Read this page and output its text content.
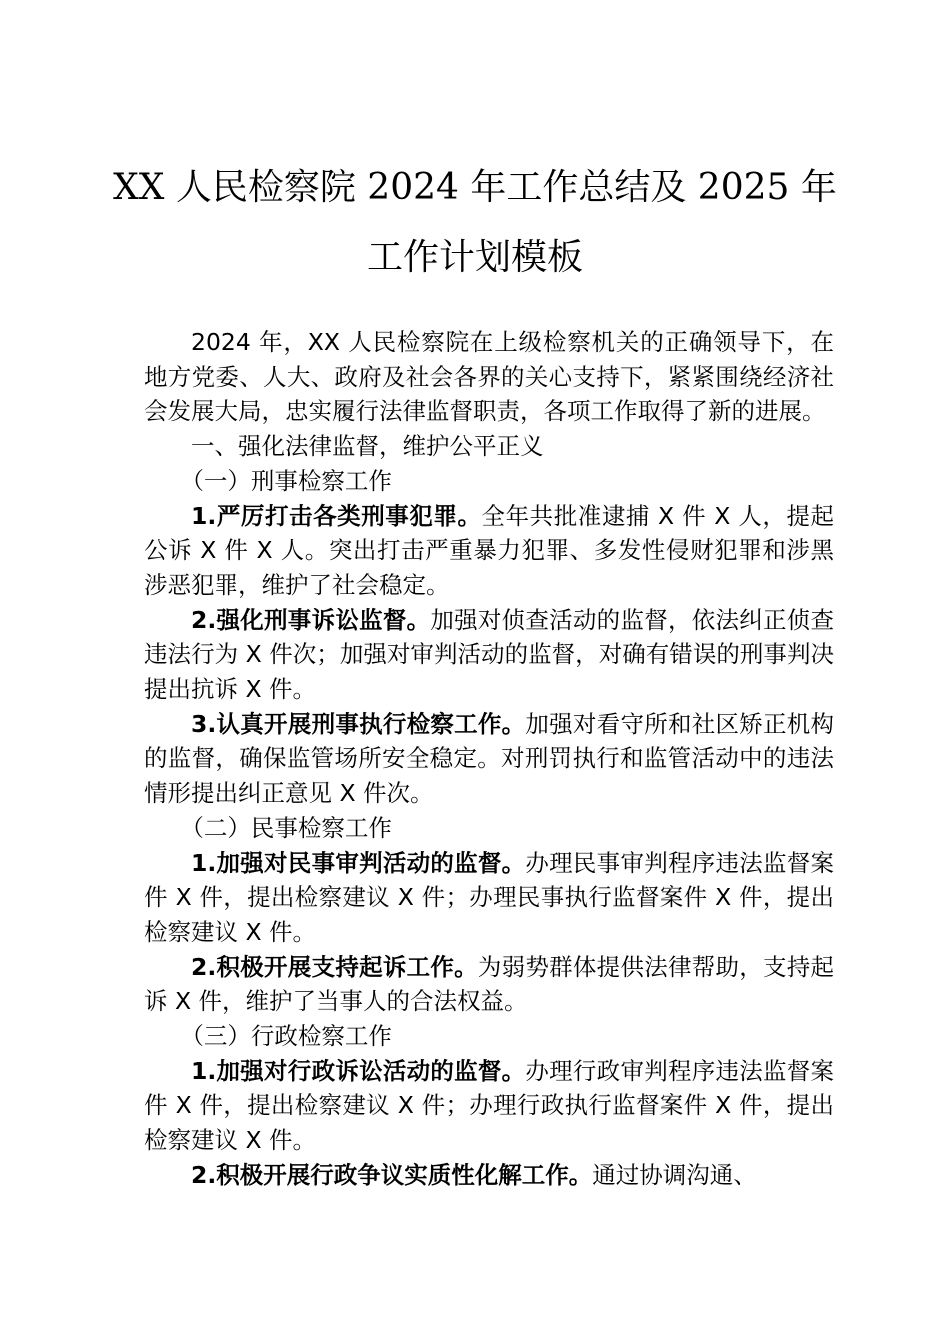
XX 人民检察院 2024 年工作总结及 2025 年
工作计划模板

2024 年，XX 人民检察院在上级检察机关的正确领导下，在地方党委、人大、政府及社会各界的关心支持下，紧紧围绕经济社会发展大局，忠实履行法律监督职责，各项工作取得了新的进展。

一、强化法律监督，维护公平正义

（一）刑事检察工作

1.严厉打击各类刑事犯罪。全年共批准逮捕 X 件 X 人，提起公诉 X 件 X 人。突出打击严重暴力犯罪、多发性侵财犯罪和涉黑涉恶犯罪，维护了社会稳定。

2.强化刑事诉讼监督。加强对侦查活动的监督，依法纠正侦查违法行为 X 件次；加强对审判活动的监督，对确有错误的刑事判决提出抗诉 X 件。

3.认真开展刑事执行检察工作。加强对看守所和社区矫正机构的监督，确保监管场所安全稳定。对刑罚执行和监管活动中的违法情形提出纠正意见 X 件次。

（二）民事检察工作

1.加强对民事审判活动的监督。办理民事审判程序违法监督案件 X 件，提出检察建议 X 件；办理民事执行监督案件 X 件，提出检察建议 X 件。

2.积极开展支持起诉工作。为弱势群体提供法律帮助，支持起诉 X 件，维护了当事人的合法权益。

（三）行政检察工作

1.加强对行政诉讼活动的监督。办理行政审判程序违法监督案件 X 件，提出检察建议 X 件；办理行政执行监督案件 X 件，提出检察建议 X 件。

2.积极开展行政争议实质性化解工作。通过协调沟通、
